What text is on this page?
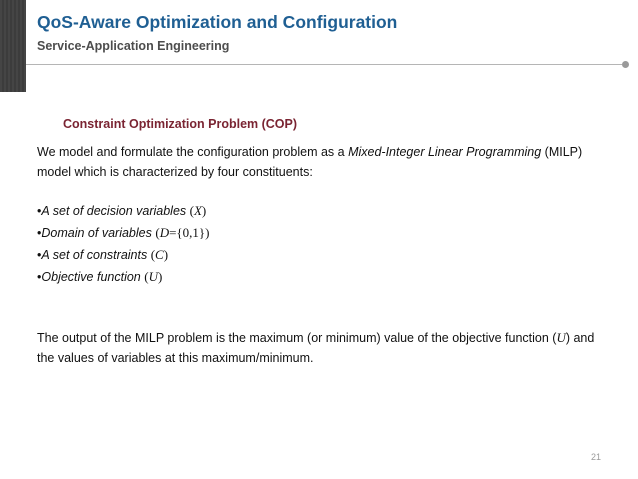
QoS-Aware Optimization and Configuration
Service-Application Engineering
Constraint Optimization Problem (COP)
We model and formulate the configuration problem as a Mixed-Integer Linear Programming (MILP) model which is characterized by four constituents:
•A set of decision variables (X)
•Domain of variables (D={0,1})
•A set of constraints (C)
•Objective function (U)
The output of the MILP problem is the maximum (or minimum) value of the objective function (U) and the values of variables at this maximum/minimum.
21
